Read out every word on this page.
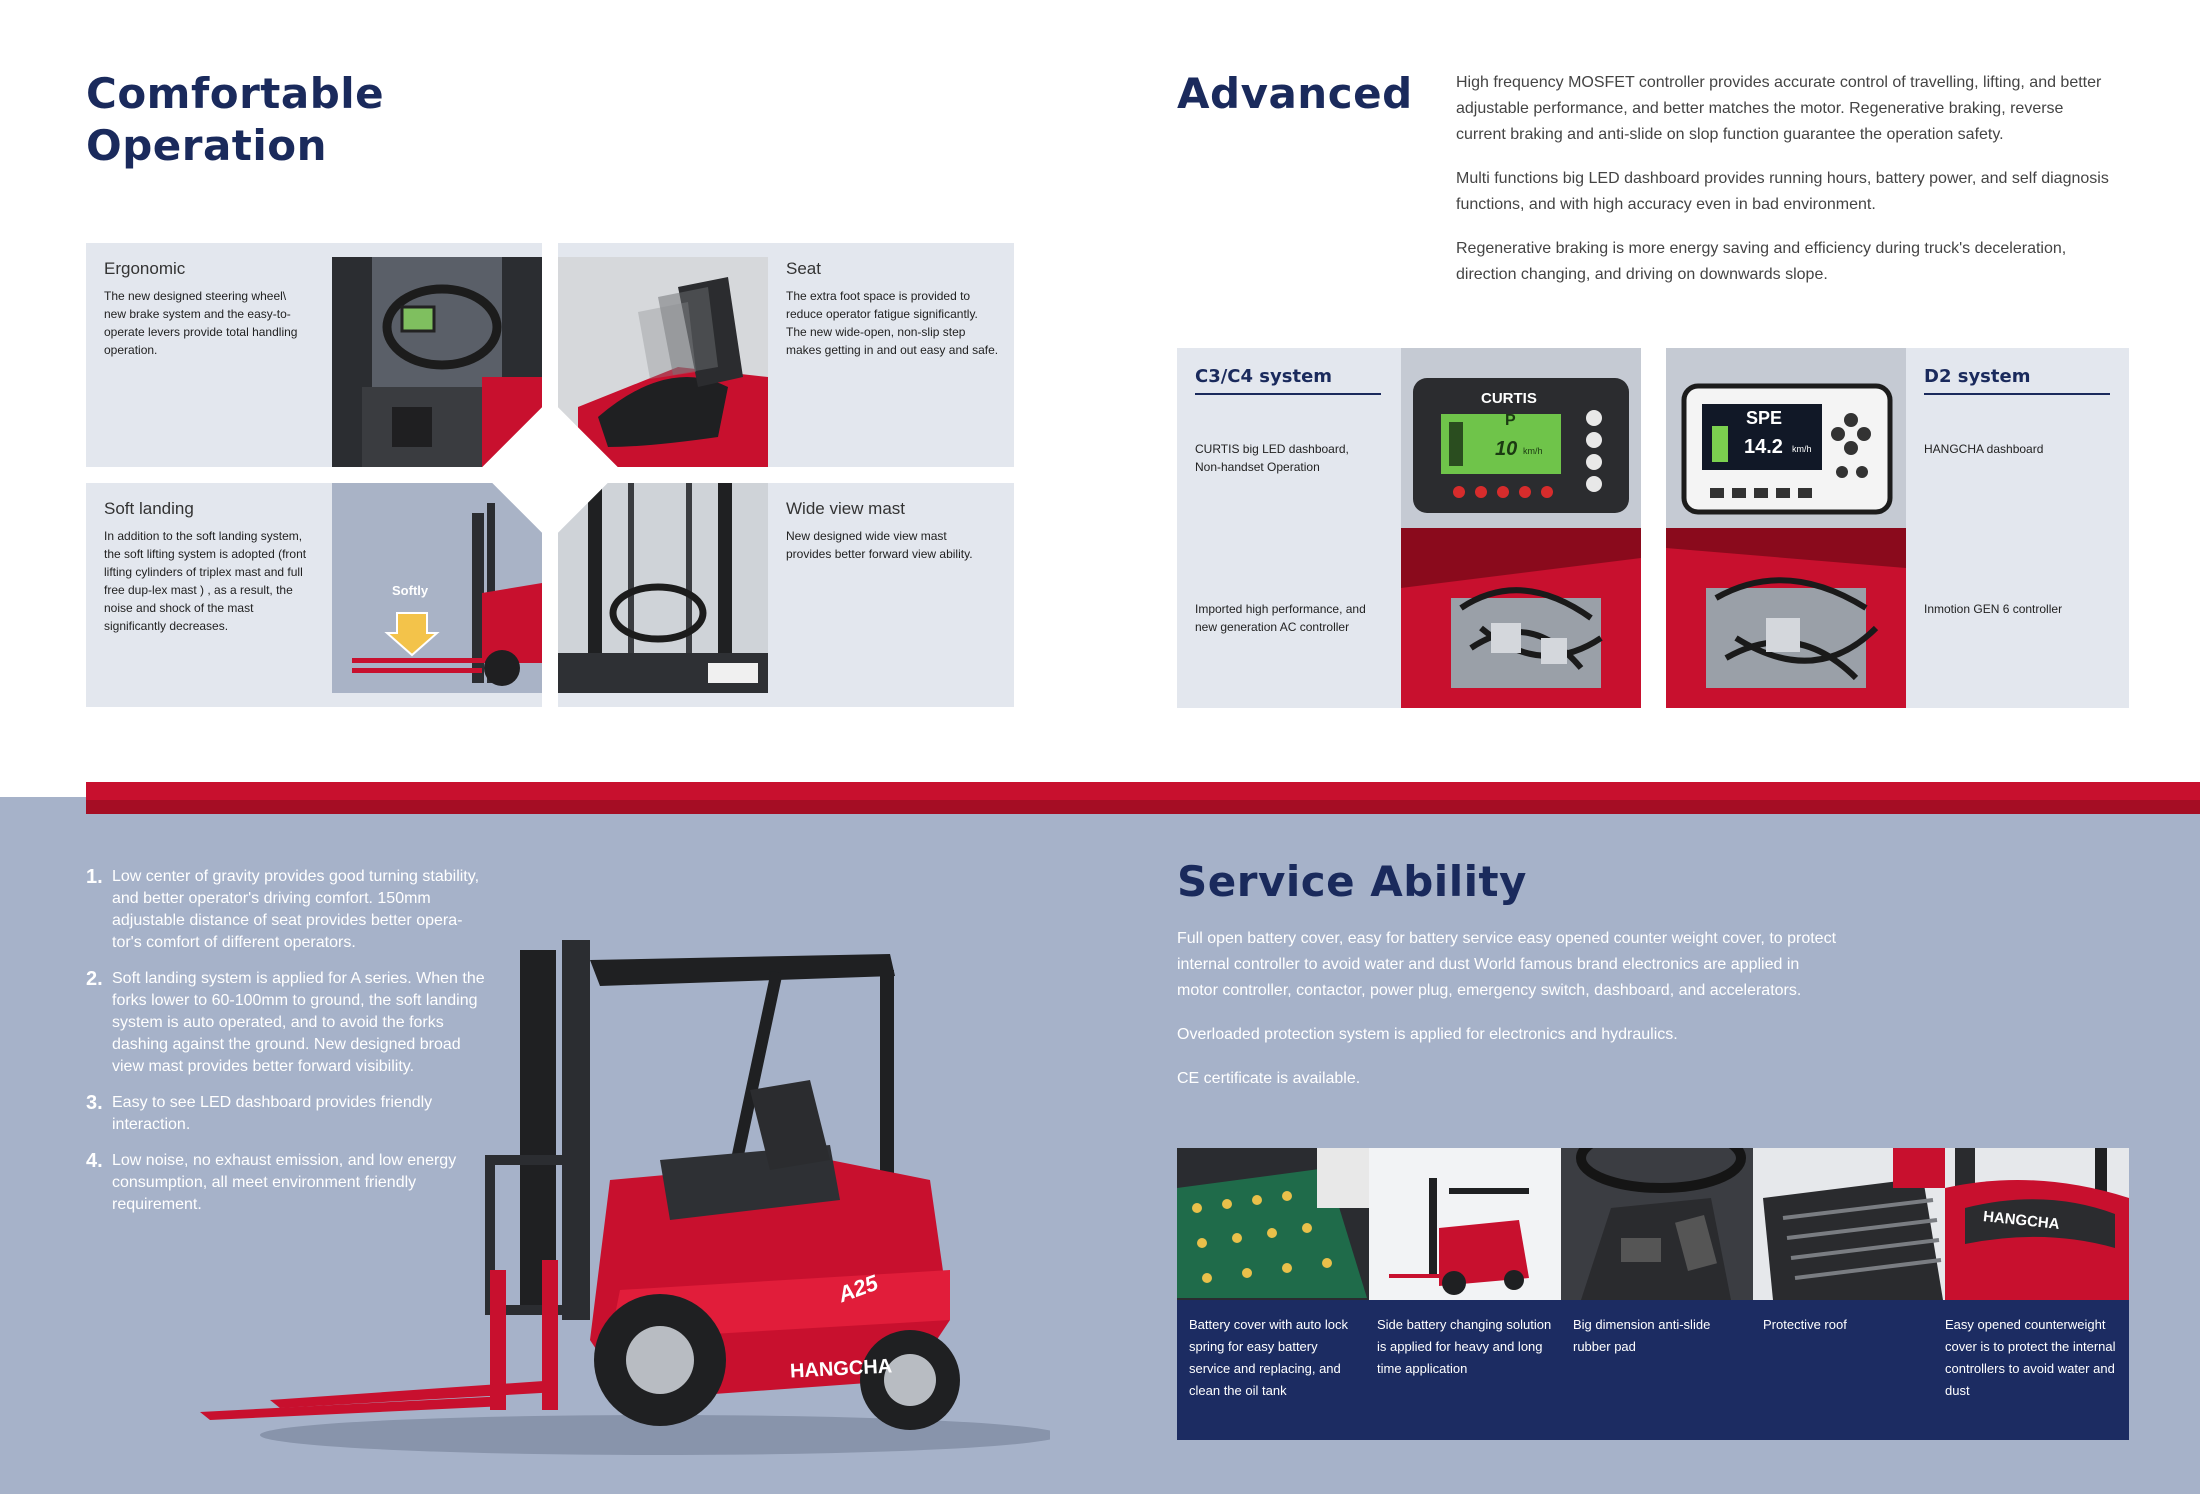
Comfortable
Operation
Ergonomic
The new designed steering wheel\ new brake system and the easy-to-operate levers provide total handling operation.
Seat
The extra foot space is provided to reduce operator fatigue significantly. The new wide-open, non-slip step makes getting in and out easy and safe.
Soft landing
In addition to the soft landing system, the soft lifting system is adopted (front lifting cylinders of triplex mast and full free dup-lex mast ) , as a result, the noise and shock of the mast significantly decreases.
Softly
Wide view mast
New designed wide view mast provides better forward view ability.
Advanced	High frequency MOSFET controller provides accurate control of travelling, lifting, and better adjustable performance, and better matches the motor. Regenerative braking, reverse current braking and anti-slide on slop function guarantee the operation safety.
Multi functions big LED dashboard provides running hours, battery power, and self diagnosis functions, and with high accuracy even in bad environment.
Regenerative braking is more energy saving and efficiency during truck's deceleration, direction changing, and driving on downwards slope.
C3/C4 system
CURTIS big LED dashboard, Non-handset Operation
Imported high performance, and new generation AC controller
CURTIS
P
10 km/h
SPE
14.2 km/h
D2 system
HANGCHA dashboard
Inmotion GEN 6 controller
1. Low center of gravity provides good turning stability, and better operator's driving comfort. 150mm adjustable distance of seat provides better opera-tor's comfort of different operators.
2. Soft landing system is applied for A series. When the forks lower to 60-100mm to ground, the soft landing system is auto operated, and to avoid the forks dashing against the ground. New designed broad view mast provides better forward visibility.
3. Easy to see LED dashboard provides friendly interaction.
4. Low noise, no exhaust emission, and low energy consumption, all meet environment friendly requirement.
HANGCHA
A25
Service Ability
Full open battery cover, easy for battery service easy opened counter weight cover, to protect internal controller to avoid water and dust World famous brand electronics are applied in motor controller, contactor, power plug, emergency switch, dashboard, and accelerators.
Overloaded protection system is applied for electronics and hydraulics.
CE certificate is available.
HANGCHA
Battery cover with auto lock spring for easy battery service and replacing, and clean the oil tank
Side battery changing solution is applied for heavy and long time application
Big dimension anti-slide rubber pad
Protective roof	Easy opened counterweight cover is to protect the internal controllers to avoid water and dust
